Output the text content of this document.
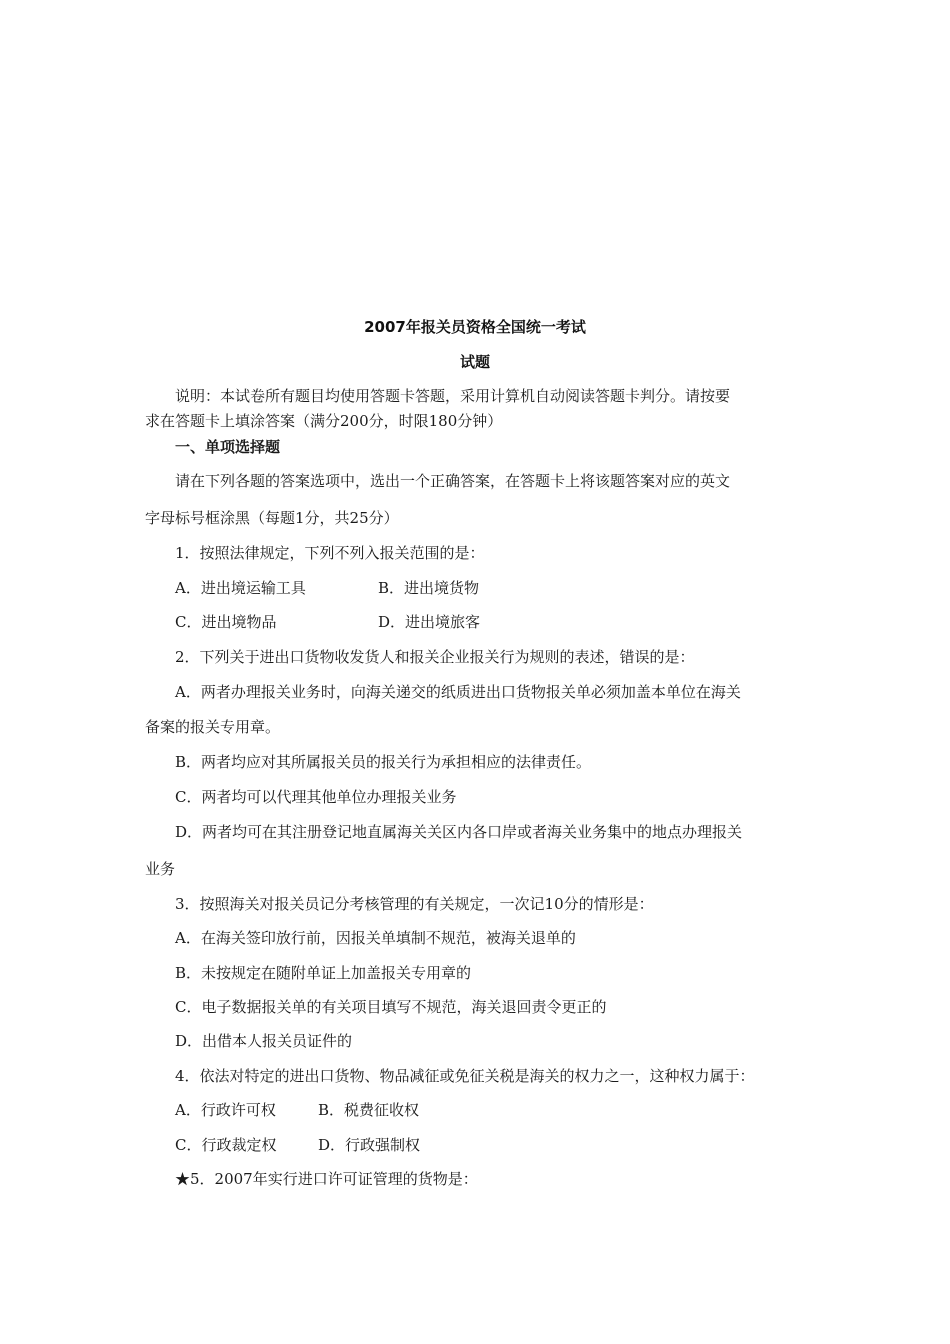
2007年报关员资格全国统一考试
试题
说明：本试卷所有题目均使用答题卡答题，采用计算机自动阅读答题卡判分。请按要
求在答题卡上填涂答案（满分200分，时限180分钟）
一、单项选择题
请在下列各题的答案选项中，选出一个正确答案，在答题卡上将该题答案对应的英文
字母标号框涂黑（每题1分，共25分）
1．按照法律规定，下列不列入报关范围的是：
A．进出境运输工具	B．进出境货物
C．进出境物品	D．进出境旅客
2．下列关于进出口货物收发货人和报关企业报关行为规则的表述，错误的是：
A．两者办理报关业务时，向海关递交的纸质进出口货物报关单必须加盖本单位在海关
备案的报关专用章。
B．两者均应对其所属报关员的报关行为承担相应的法律责任。
C．两者均可以代理其他单位办理报关业务
D．两者均可在其注册登记地直属海关关区内各口岸或者海关业务集中的地点办理报关
业务
3．按照海关对报关员记分考核管理的有关规定，一次记10分的情形是：
A．在海关签印放行前，因报关单填制不规范，被海关退单的
B．未按规定在随附单证上加盖报关专用章的
C．电子数据报关单的有关项目填写不规范，海关退回责令更正的
D．出借本人报关员证件的
4．依法对特定的进出口货物、物品减征或免征关税是海关的权力之一，这种权力属于：
A．行政许可权	B．税费征收权
C．行政裁定权	D．行政强制权
★5．2007年实行进口许可证管理的货物是：
